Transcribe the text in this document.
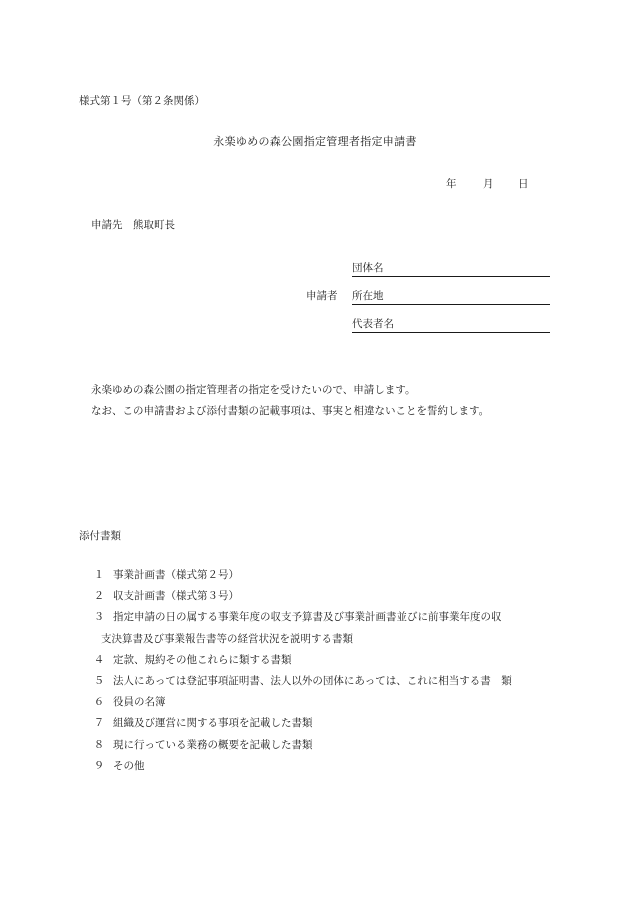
様式第１号（第２条関係）
永楽ゆめの森公園指定管理者指定申請書
年	月 日
申請先　熊取町長
申請者
団体名
所在地
代表者名
永楽ゆめの森公園の指定管理者の指定を受けたいので、申請します。
なお、この申請書および添付書類の記載事項は、事実と相違ないことを誓約します。
添付書類
１ 事業計画書（様式第２号）
２ 収支計画書（様式第３号）
３ 指定申請の日の属する事業年度の収支予算書及び事業計画書並びに前事業年度の収
支決算書及び事業報告書等の経営状況を説明する書類
４ 定款、規約その他これらに類する書類
５ 法人にあっては登記事項証明書、法人以外の団体にあっては、これに相当する書　類
６ 役員の名簿
７ 組織及び運営に関する事項を記載した書類
８ 現に行っている業務の概要を記載した書類
９ その他
